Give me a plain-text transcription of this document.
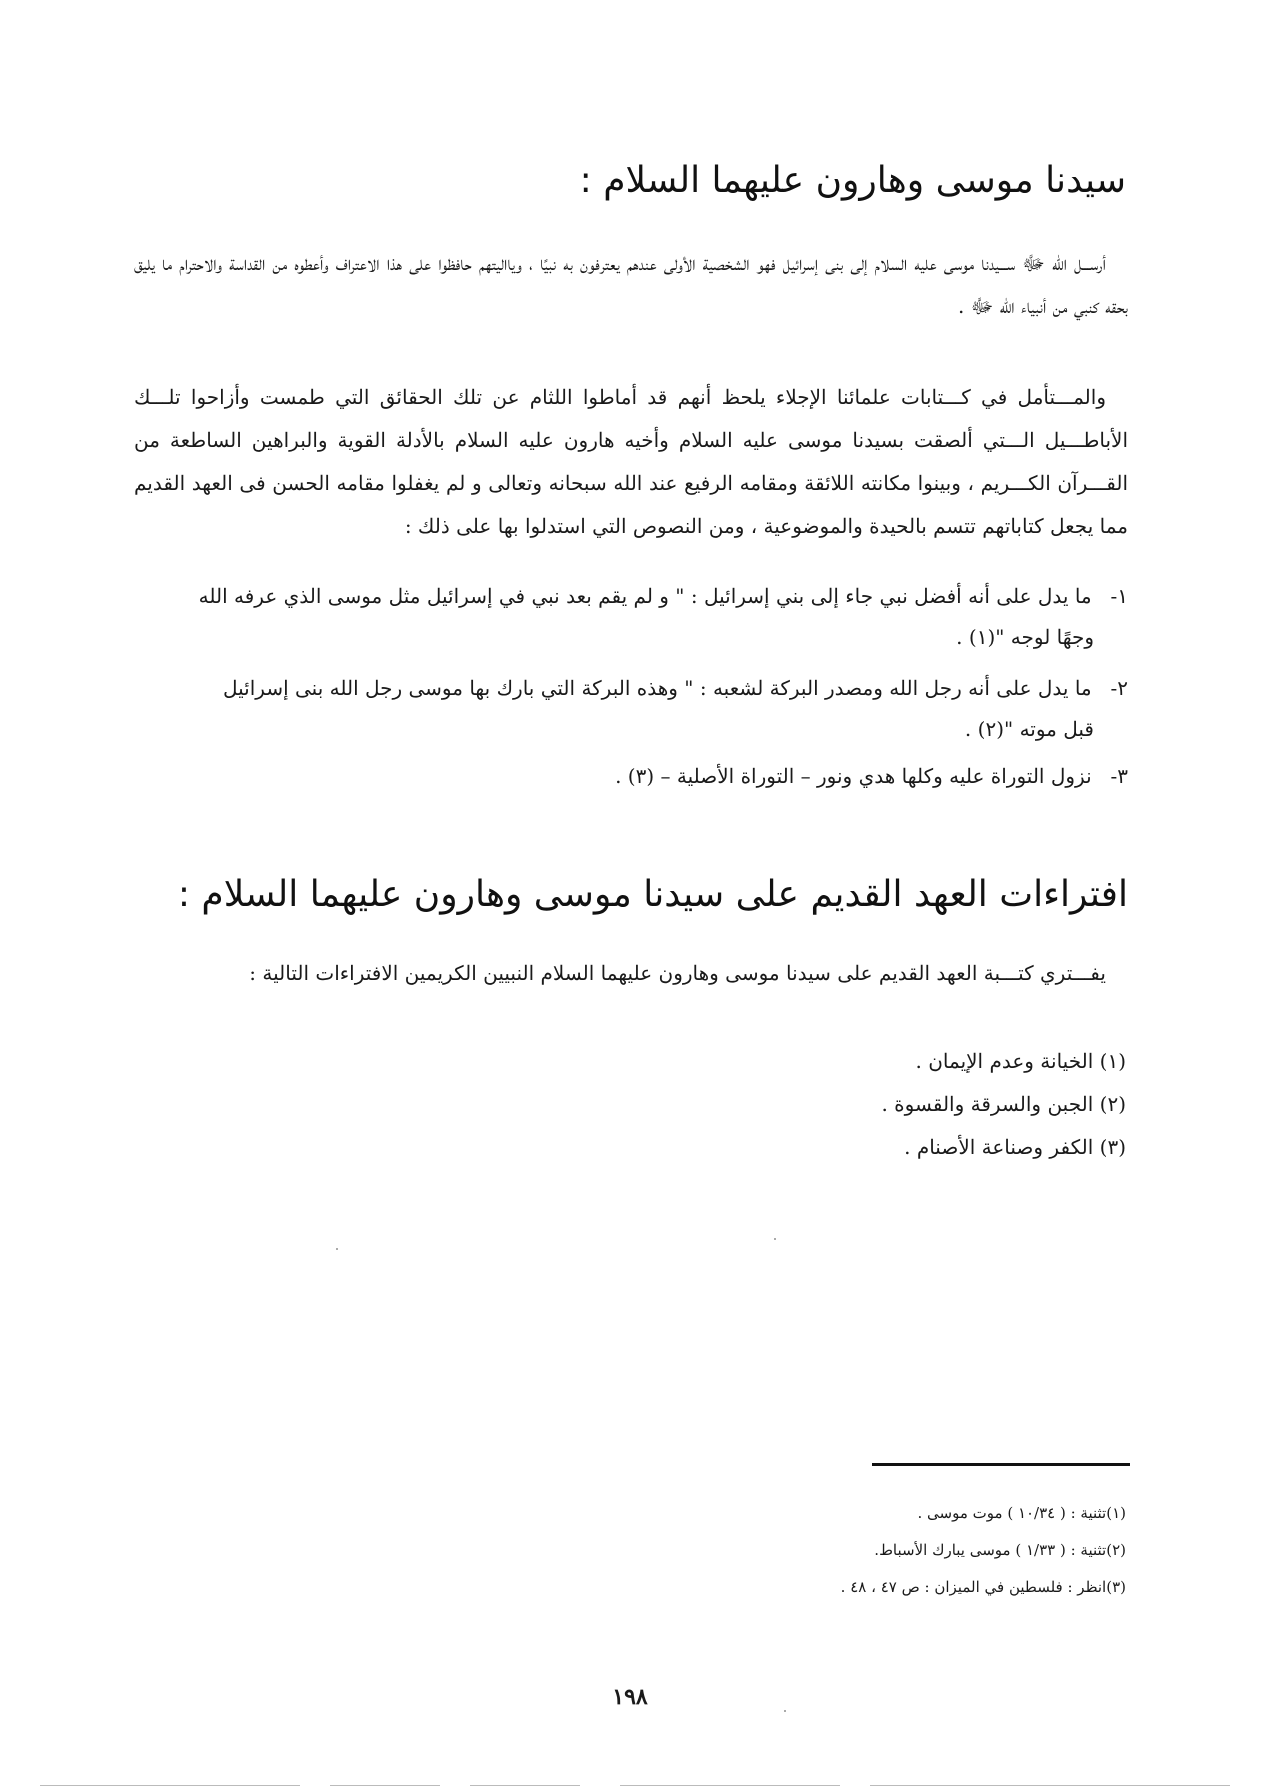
سيدنا موسى وهارون عليهما السلام :

أرســـل الله ﷻ ســـيدنا موسى عليه السلام إلى بنى إسرائيل فهو الشخصية الأولى عندهم يعترفون به نبيًا ، ويااليتهم حافظوا على هذا الاعتراف وأعطوه من القداسة والاحترام ما يليق بحقه كنبي من أنبياء الله ﷻ .

والمـــتأمل في كـــتابات علمائنا الإجلاء يلحظ أنهم قد أماطوا اللثام عن تلك الحقائق التي طمست وأزاحوا تلـــك الأباطـــيل الـــتي ألصقت بسيدنا موسى عليه السلام وأخيه هارون عليه السلام بالأدلة القوية والبراهين الساطعة من القـــرآن الكـــريم ، وبينوا مكانته اللائقة ومقامه الرفيع عند الله سبحانه وتعالى و لم يغفلوا مقامه الحسن فى العهد القديم مما يجعل كتاباتهم تتسم بالحيدة والموضوعية ، ومن النصوص التي استدلوا بها على ذلك :

١- ما يدل على أنه أفضل نبي جاء إلى بني إسرائيل : " و لم يقم بعد نبي في إسرائيل مثل موسى الذي عرفه الله
وجهًا لوجه "(١) .
٢- ما يدل على أنه رجل الله ومصدر البركة لشعبه : " وهذه البركة التي بارك بها موسى رجل الله بنى إسرائيل
قبل موته "(٢) .
٣- نزول التوراة عليه وكلها هدي ونور – التوراة الأصلية – (٣) .
افتراءات العهد القديم على سيدنا موسى وهارون عليهما السلام :

يفـــتري كتـــبة العهد القديم على سيدنا موسى وهارون عليهما السلام النبيين الكريمين الافتراءات التالية :

(١) الخيانة وعدم الإيمان .
(٢) الجبن والسرقة والقسوة .
(٣) الكفر وصناعة الأصنام .
(١)تثنية : ( ١٠/٣٤ ) موت موسى .
(٢)تثنية : ( ١/٣٣ ) موسى يبارك الأسباط.
(٣)انظر : فلسطين في الميزان : ص ٤٧ ، ٤٨ .
١٩٨
